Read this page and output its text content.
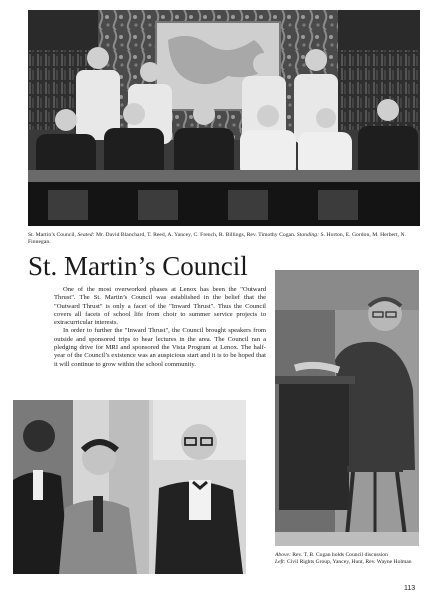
St. Martin’s Council, Seated: Mr. David Blanchard, T. Reed, A. Yancey, C. French, R. Billings, Rev. Timothy Cogan. Standing: S. Horton, E. Gordon, M. Herbert, N. Finnegan.
St. Martin’s Council

One of the most overworked phases at Lenox has been the "Outward Thrust". The St. Martin’s Council was established in the belief that the "Outward Thrust" is only a facet of the "Inward Thrust". Thus the Council covers all facets of school life from choir to summer service projects to extracurricular interests.

In order to further the "Inward Thrust", the Council brought speakers from outside and sponsored trips to hear lectures in the area. The Council ran a pledging drive for MRI and sponsored the Vista Program at Lenox. The half-year of the Council’s existence was an auspicious start and it is to be hoped that it will continue to grow within the school community.

Above: Rev. T. B. Cogan holds Council discussion
Left: Civil Rights Group, Yancey, Hunt, Rev. Wayne Holman
113
